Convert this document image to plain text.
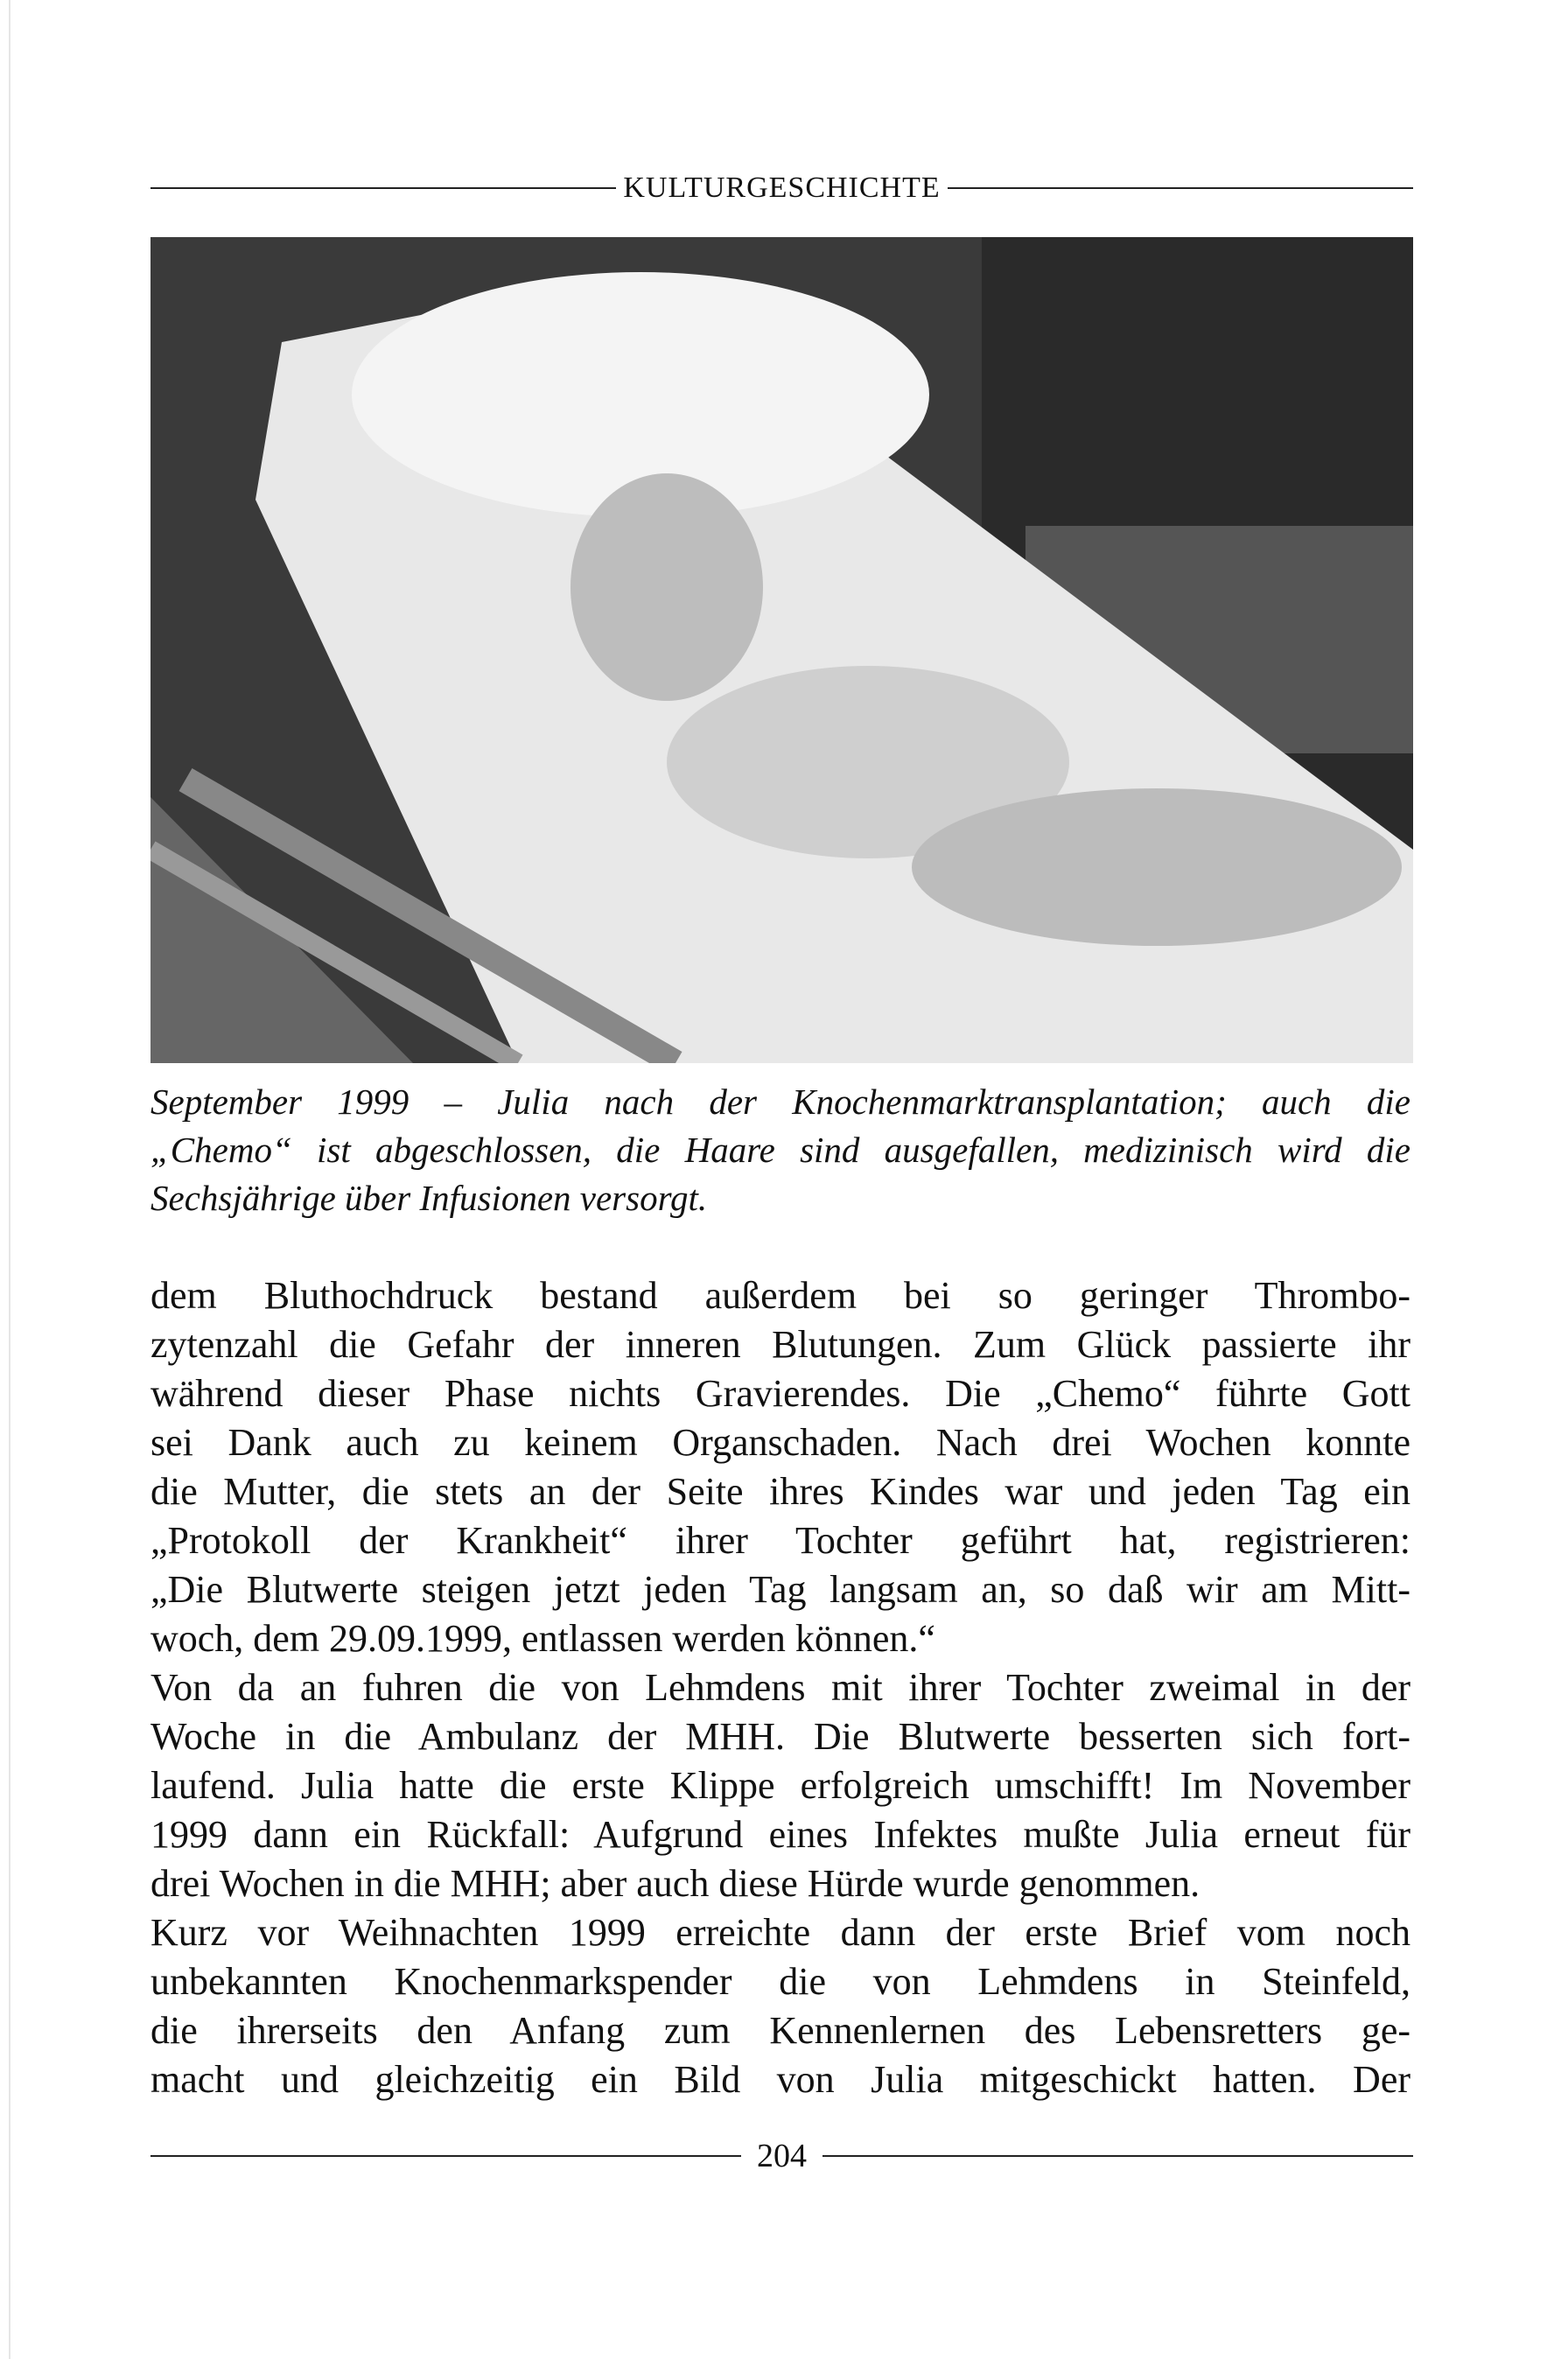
KULTURGESCHICHTE
September 1999 – Julia nach der Knochenmarktransplantation; auch die
„Chemo“ ist abgeschlossen, die Haare sind ausgefallen, medizinisch wird die
Sechsjährige über Infusionen versorgt.
dem Bluthochdruck bestand außerdem bei so geringer Thrombo-
zytenzahl die Gefahr der inneren Blutungen. Zum Glück passierte ihr
während dieser Phase nichts Gravierendes. Die „Chemo“ führte Gott
sei Dank auch zu keinem Organschaden. Nach drei Wochen konnte
die Mutter, die stets an der Seite ihres Kindes war und jeden Tag ein
„Protokoll der Krankheit“ ihrer Tochter geführt hat, registrieren:
„Die Blutwerte steigen jetzt jeden Tag langsam an, so daß wir am Mitt-
woch, dem 29.09.1999, entlassen werden können.“
Von da an fuhren die von Lehmdens mit ihrer Tochter zweimal in der
Woche in die Ambulanz der MHH. Die Blutwerte besserten sich fort-
laufend. Julia hatte die erste Klippe erfolgreich umschifft! Im November
1999 dann ein Rückfall: Aufgrund eines Infektes mußte Julia erneut für
drei Wochen in die MHH; aber auch diese Hürde wurde genommen.
Kurz vor Weihnachten 1999 erreichte dann der erste Brief vom noch
unbekannten Knochenmarkspender die von Lehmdens in Steinfeld,
die ihrerseits den Anfang zum Kennenlernen des Lebensretters ge-
macht und gleichzeitig ein Bild von Julia mitgeschickt hatten. Der
204
